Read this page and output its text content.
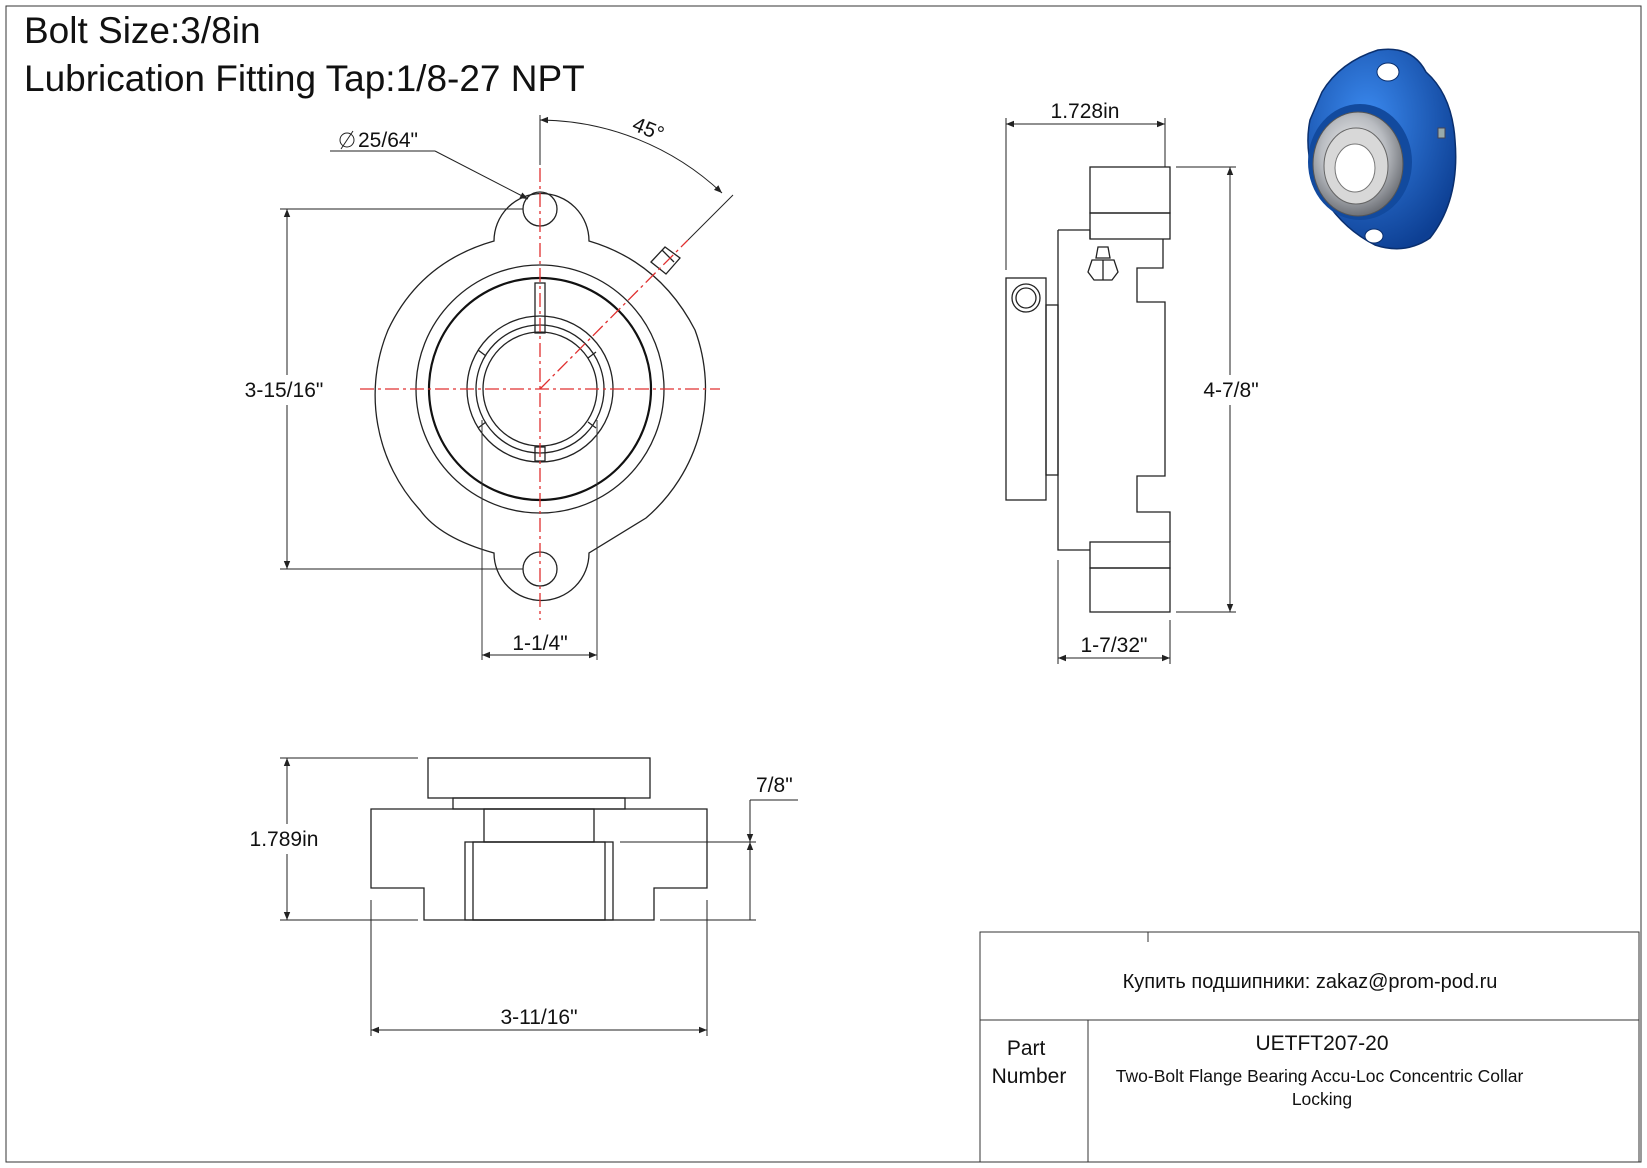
Bolt Size:3/8in
Lubrication Fitting Tap:1/8-27 NPT
45°
25/64"
3-15/16"
1-1/4"
1.728in
4-7/8"
1-7/32"
1.789in
7/8"
3-11/16"
Купить подшипники: zakaz@prom-pod.ru
Part Number
UETFT207-20
Two-Bolt Flange Bearing Accu-Loc Concentric Collar Locking
